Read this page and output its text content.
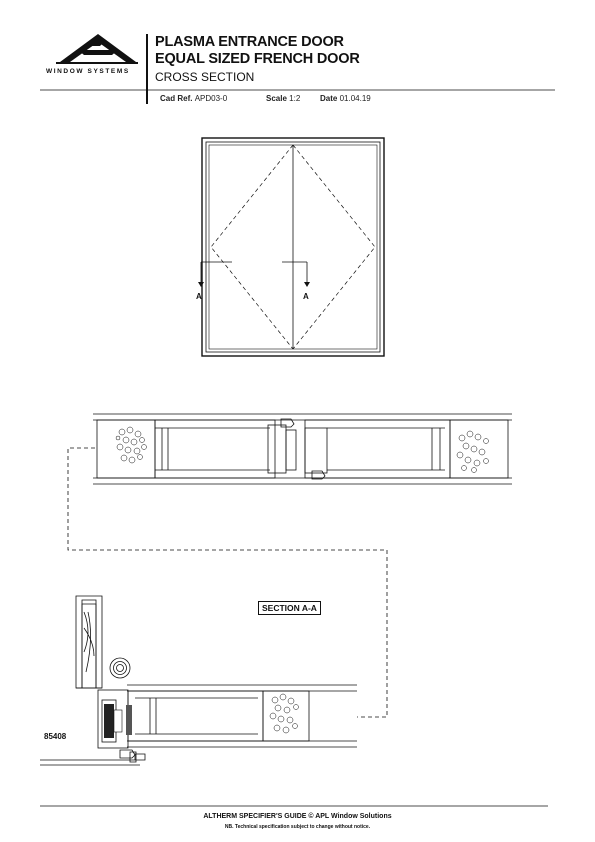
WINDOW SYSTEMS
PLASMA ENTRANCE DOOR
EQUAL SIZED FRENCH DOOR
CROSS SECTION
Cad Ref. APD03-0	Scale 1:2 Date 01.04.19
A	A
SECTION A-A
85408
ALTHERM SPECIFIER'S GUIDE © APL Window Solutions
NB. Technical specification subject to change without notice.
